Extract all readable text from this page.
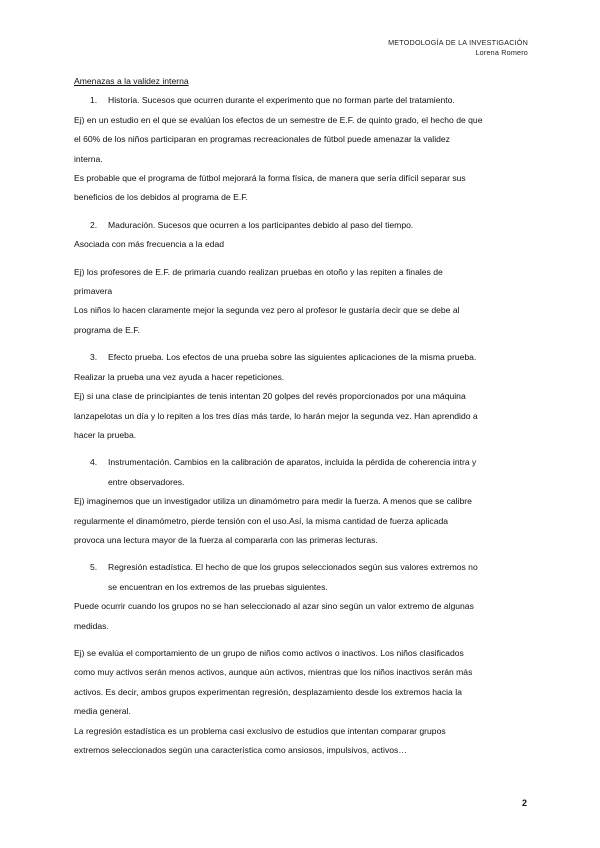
METODOLOGÍA DE LA INVESTIGACIÓN
Lorena Romero

Amenazas a la validez interna

1. Historia. Sucesos que ocurren durante el experimento que no forman parte del tratamiento.

Ej) en un estudio en el que se evalúan los efectos de un semestre de E.F. de quinto grado, el hecho de que

el 60% de los niños participaran en programas recreacionales de fútbol puede amenazar la validez

interna.

Es probable que el programa de fútbol mejorará la forma física, de manera que sería difícil separar sus

beneficios de los debidos al programa de E.F.

2. Maduración. Sucesos que ocurren a los participantes debido al paso del tiempo.

Asociada con más frecuencia a la edad

Ej) los profesores de E.F. de primaria cuando realizan pruebas en otoño y las repiten a finales de

primavera

Los niños lo hacen claramente mejor la segunda vez pero al profesor le gustaría decir que se debe al

programa de E.F.

3. Efecto prueba. Los efectos de una prueba sobre las siguientes aplicaciones de la misma prueba.

Realizar la prueba una vez ayuda a hacer repeticiones.

Ej) si una clase de principiantes de tenis intentan 20 golpes del revés proporcionados por una máquina

lanzapelotas un día y lo repiten a los tres días más tarde, lo harán mejor la segunda vez. Han aprendido a

hacer la prueba.

4. Instrumentación. Cambios en la calibración de aparatos, incluida la pérdida de coherencia intra y
entre observadores.

Ej) imaginemos que un investigador utiliza un dinamómetro para medir la fuerza. A menos que se calibre

regularmente el dinamómetro, pierde tensión con el uso.Así, la misma cantidad de fuerza aplicada

provoca una lectura mayor de la fuerza al compararla con las primeras lecturas.

5. Regresión estadística. El hecho de que los grupos seleccionados según sus valores extremos no
se encuentran en los extremos de las pruebas siguientes.

Puede ocurrir cuando los grupos no se han seleccionado al azar sino según un valor extremo de algunas

medidas.

Ej) se evalúa el comportamiento de un grupo de niños como activos o inactivos. Los niños clasificados

como muy activos serán menos activos, aunque aún activos, mientras que los niños inactivos serán más

activos. Es decir, ambos grupos experimentan regresión, desplazamiento desde los extremos hacia la

media general.

La regresión estadística es un problema casi exclusivo de estudios que intentan comparar grupos

extremos seleccionados según una característica como ansiosos, impulsivos, activos…

2
